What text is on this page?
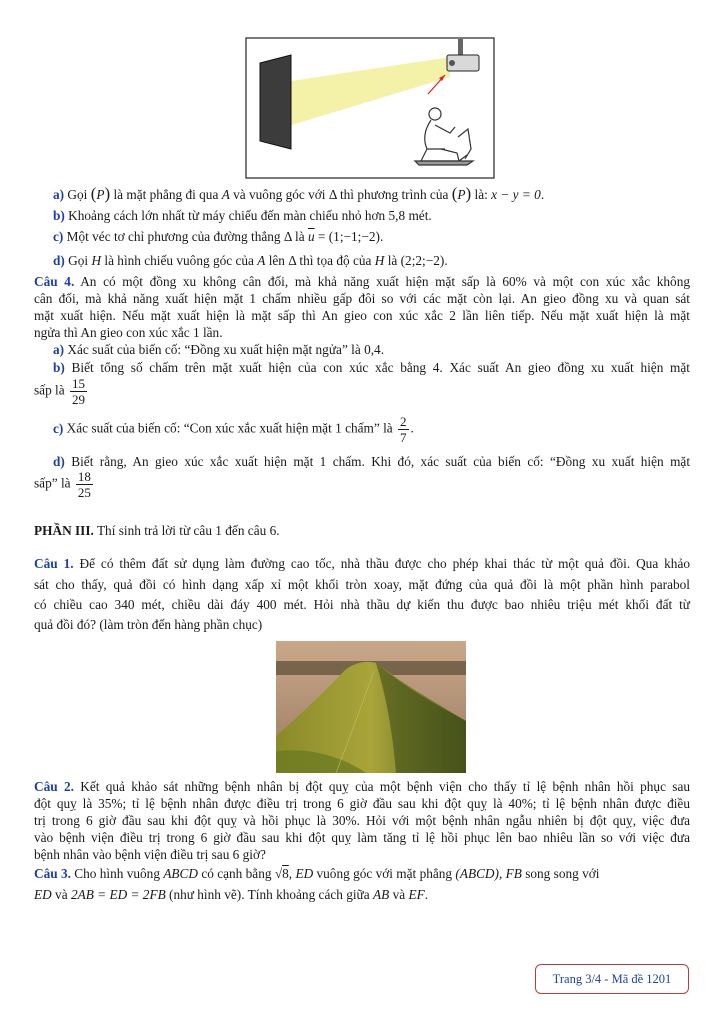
a) Gọi (P) là mặt phẳng đi qua A và vuông góc với Δ thì phương trình của (P) là: x − y = 0.
b) Khoảng cách lớn nhất từ máy chiếu đến màn chiếu nhỏ hơn 5,8 mét.
c) Một véc tơ chỉ phương của đường thẳng Δ là $\overline{u}$ = (1;−1;−2).
d) Gọi H là hình chiếu vuông góc của A lên Δ thì tọa độ của H là (2;2;−2).
Câu 4. An có một đồng xu không cân đối, mà khả năng xuất hiện mặt sấp là 60% và một con xúc xắc không
cân đối, mà khả năng xuất hiện mặt 1 chấm nhiều gấp đôi so với các mặt còn lại. An gieo đồng xu và quan sát
mặt xuất hiện. Nếu mặt xuất hiện là mặt sấp thì An gieo con xúc xắc 2 lần liên tiếp. Nếu mặt xuất hiện là mặt
ngửa thì An gieo con xúc xắc 1 lần.
a) Xác suất của biến cố: “Đồng xu xuất hiện mặt ngửa” là 0,4.
b) Biết tổng số chấm trên mặt xuất hiện của con xúc xắc bằng 4. Xác suất An gieo đồng xu xuất hiện mặt
sấp là $\frac{15}{29}$
c) Xác suất của biến cố: “Con xúc xắc xuất hiện mặt 1 chấm” là $\frac{2}{7}$ .
d) Biết rằng, An gieo xúc xắc xuất hiện mặt 1 chấm. Khi đó, xác suất của biến cố: “Đồng xu xuất hiện mặt
sấp” là $\frac{18}{25}$
PHẦN III. Thí sinh trả lời từ câu 1 đến câu 6.
Câu 1. Để có thêm đất sử dụng làm đường cao tốc, nhà thầu được cho phép khai thác từ một quả đồi. Qua khảo
sát cho thấy, quả đồi có hình dạng xấp xỉ một khối tròn xoay, mặt đứng của quả đồi là một phần hình parabol
có chiều cao 340 mét, chiều dài đáy 400 mét. Hỏi nhà thầu dự kiến thu được bao nhiêu triệu mét khối đất từ
quả đồi đó? (làm tròn đến hàng phần chục)
Câu 2. Kết quả khảo sát những bệnh nhân bị đột quỵ của một bệnh viện cho thấy tỉ lệ bệnh nhân hồi phục sau
đột quỵ là 35%; tỉ lệ bệnh nhân được điều trị trong 6 giờ đầu sau khi đột quỵ là 40%; tỉ lệ bệnh nhân được điều
trị trong 6 giờ đầu sau khi đột quỵ và hồi phục là 30%. Hỏi với một bệnh nhân ngẫu nhiên bị đột quỵ, việc đưa
vào bệnh viện điều trị trong 6 giờ đầu sau khi đột quỵ làm tăng tỉ lệ hồi phục lên bao nhiêu lần so với việc đưa
bệnh nhân vào bệnh viện điều trị sau 6 giờ?
Câu 3. Cho hình vuông ABCD có cạnh bằng √8, ED vuông góc với mặt phẳng (ABCD), FB song song với
ED và 2AB = ED = 2FB (như hình vẽ). Tính khoảng cách giữa AB và EF.
Trang 3/4 - Mã đề 1201
